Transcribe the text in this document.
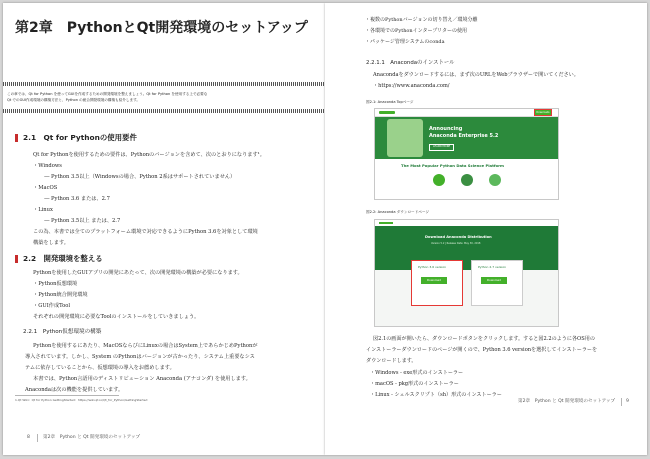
第2章　PythonとQt開発環境のセットアップ
この章では、Qt for Python を使ってGUIを作成するための開発環境を整えましょう。Qt for Python を使用する上で必要な
Qt でのGUI作成環境の構築方法と、Python の統合開発環境の構築も紹介します。
2.1　Qt for Pythonの使用要件
Qt for Pythonを使用するための要件は、Pythonのバージョンを含めて、次のとおりになります¹。
・Windows
　― Python 3.5以上（Windowsの場合、Python 2系はサポートされていません）
・MacOS
　― Python 3.6 または、2.7
・Linux
　― Python 3.5以上 または、2.7
この為、本書では全てのプラットフォーム環境で対応できるようにPython 3.6を対象として環境
構築をします。
2.2　開発環境を整える
Pythonを使用したGUIアプリの開発にあたって、次の開発環境の構築が必要になります。
・Python仮想環境
・Python統合開発環境
・GUI作成Tool
それぞれの開発環境に必要なToolのインストールをしていきましょう。
2.2.1　Python仮想環境の構築
Pythonを使用するにあたり、MacOSならびにLinuxの場合はSystem上であらかじめPythonが
導入されています。しかし、System のPythonはバージョンが古かったり、システム上重要なシス
テムに依存していることから、仮想環境の導入をお薦めします。
本書では、Python言語用のディストリビューション Anaconda (アナコンダ) を使用します。
Anacondaは次の機能を提供しています。
1.Qt Wiki：Qt for Python GettingStarted：https://wiki.qt.io/Qt_for_Python/GettingStarted
8	第2章　Python と Qt 開発環境のセットアップ
・複数のPythonバージョンの切り替え／環境分離
・各環境でのPythonインタープリターの使用
・パッケージ管理システムのconda
2.2.1.1　Anacondaのインストール
Anacondaをダウンロードするには、まず次のURLをWebブラウザーで開いてください。
・https://www.anaconda.com/
図2.1: Anaconda Topページ
Downloads
Announcing
Anaconda Enterprise 5.2
LEARN MORE
The Most Popular Python Data Science Platform
図2.2: Anaconda ダウンロードページ
Download Anaconda Distribution
Version 5.2 | Release Date: May 30, 2018
Python 3.6 version
Download
Python 2.7 version
Download
図2.1の画面が開いたら、ダウンロードボタンをクリックします。すると図2.2のように各OS用の
インストーラーダウンロードのページが開くので、Python 3.6 versionを選択してインストーラーを
ダウンロードします。
・Windows - exe形式のインストーラー
・macOS - pkg形式のインストーラー
・Linux - シェルスクリプト（sh）形式のインストーラー
第2章　Python と Qt 開発環境のセットアップ 9
